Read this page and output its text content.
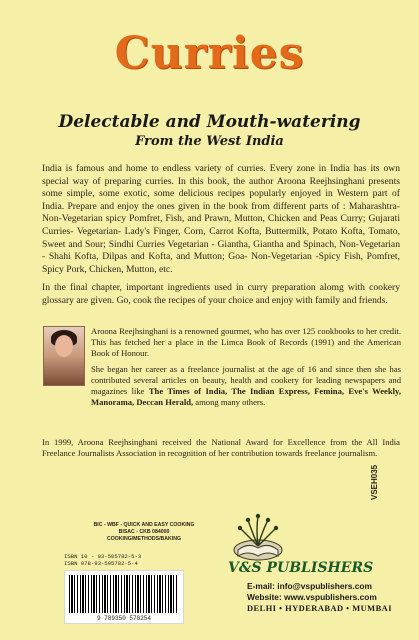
Curries
Delectable and Mouth-watering
From the West India

India is famous and home to endless variety of curries. Every zone in India has its own special way of preparing curries. In this book, the author Aroona Reejhsinghani presents some simple, some exotic, some delicious recipes popularly enjoyed in Western part of India. Prepare and enjoy the ones given in the book from different parts of : Maharashtra- Non-Vegetarian spicy Pomfret, Fish, and Prawn, Mutton, Chicken and Peas Curry; Gujarati Curries- Vegetarian- Lady's Finger, Corn, Carrot Kofta, Buttermilk, Potato Kofta, Tomato, Sweet and Sour; Sindhi Curries Vegetarian - Giantha, Giantha and Spinach, Non-Vegetarian - Shahi Kofta, Dilpas and Kofta, and Mutton; Goa- Non-Vegetarian -Spicy Fish, Pomfret, Spicy Pork, Chicken, Mutton, etc.

In the final chapter, important ingredients used in curry preparation alomg with cookery glossary are given. Go, cook the recipes of your choice and enjoy with family and friends.

Aroona Reejhsinghani is a renowned gourmet, who has over 125 cookbooks to her credit. This has fetched her a place in the Limca Book of Records (1991) and the American Book of Honour.

She began her career as a freelance journalist at the age of 16 and since then she has contributed several articles on beauty, health and cookery for leading newspapers and magazines like The Times of India, The Indian Express, Femina, Eve's Weekly, Manorama, Deccan Herald, among many others.

In 1999, Aroona Reejhsinghani received the National Award for Excellence from the All India Freelance Journalists Association in recognition of her contribution towards freelance journalism.
BIC - WBF - QUICK AND EASY COOKING
BISAC - CKB 084000
COOKING/METHODS/BAKING
ISBN 10 - 93-505782-5-3
ISBN 978-93-505782-5-4
9 789350 578254
VSEH035
V&S PUBLISHERS
E-mail: info@vspublishers.com
Website: www.vspublishers.com
DELHI • HYDERABAD • MUMBAI
